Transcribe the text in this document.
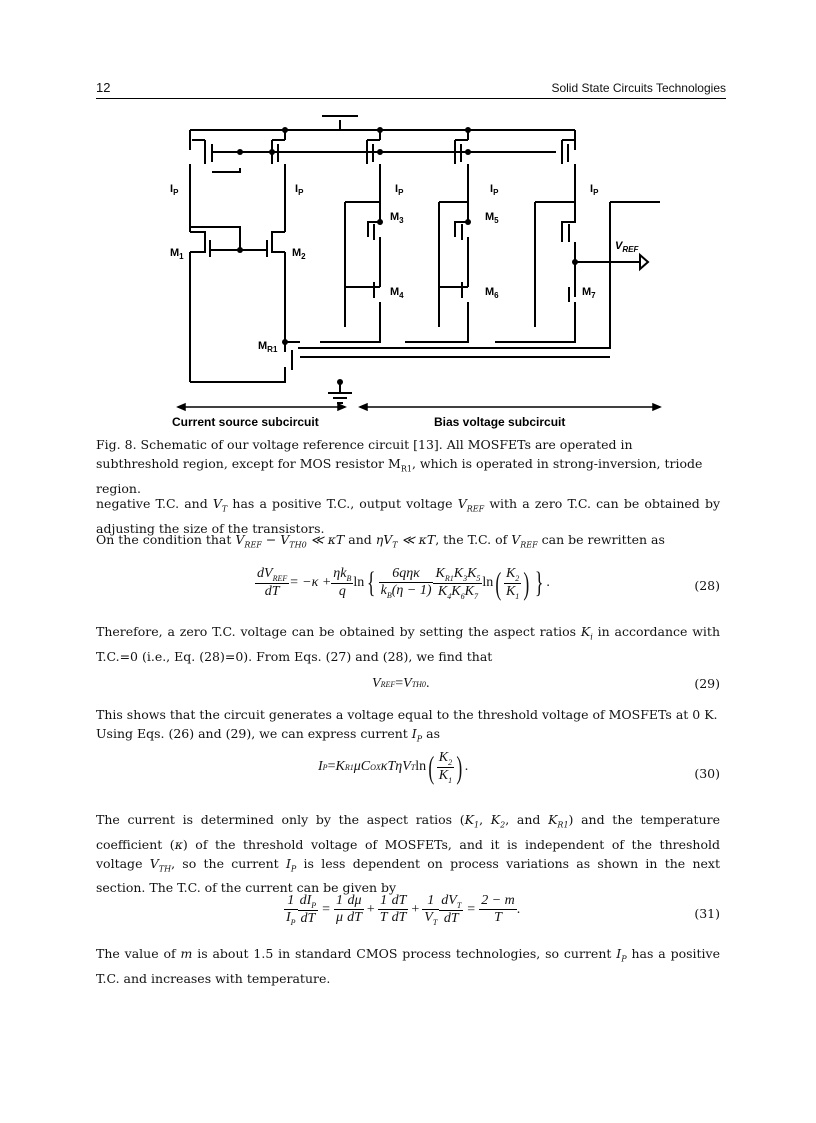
12	Solid State Circuits Technologies
$I_P$	$I_P$	$I_P$	$I_P$	$I_P$
$M_1$	$M_2$
$M_3$
$M_4$
$M_5$
$M_6$	$M_7$
$M_{R1}$
$V_{REF}$
Current source subcircuit	Bias voltage subcircuit
Fig. 8. Schematic of our voltage reference circuit [13]. All MOSFETs are operated in subthreshold region, except for MOS resistor $M_{R1}$, which is operated in strong-inversion, triode region.
negative T.C. and $V_T$ has a positive T.C., output voltage $V_{REF}$ with a zero T.C. can be obtained by adjusting the size of the transistors.
On the condition that $V_{REF} - V_{TH0}$ ≪ κT and $\eta V_T$ ≪ κT, the T.C. of $V_{REF}$ can be rewritten as
$\frac{dV_{REF}}{dT} = -\kappa + \frac{\eta k_B}{q}$ ln { $\frac{\text{6qηκ}}{k_B(\eta - 1)} \frac{K_{R1}K_3K_5}{K_4K_6K_7}$ ln ( $\frac{K_2}{K_1}$ ) } .	(28)
Therefore, a zero T.C. voltage can be obtained by setting the aspect ratios $K_i$ in accordance with T.C.=0 (i.e., Eq. (28)=0). From Eqs. (27) and (28), we find that
V REF = V TH0 .	(29)
This shows that the circuit generates a voltage equal to the threshold voltage of MOSFETs at 0 K. Using Eqs. (26) and (29), we can express current $I_P$ as
I P = K R1 μC OX κTηV T ln ( $\frac{K_2}{K_1}$ ) .	(30)
The current is determined only by the aspect ratios ($K_1$, $K_2$, and $K_{R1}$) and the temperature coefficient (κ) of the threshold voltage of MOSFETs, and it is independent of the threshold voltage $V_{TH}$, so the current $I_P$ is less dependent on process variations as shown in the next section. The T.C. of the current can be given by
$\frac{1}{I_P} \frac{dI_P}{dT} = \frac{1}{\mu} \frac{d\mu}{dT} + \frac{1}{T} \frac{dT}{dT} + \frac{1}{V_T} \frac{dV_T}{dT} = \frac{2 - m}{T}$ .	(31)
The value of m is about 1.5 in standard CMOS process technologies, so current $I_P$ has a positive T.C. and increases with temperature.
